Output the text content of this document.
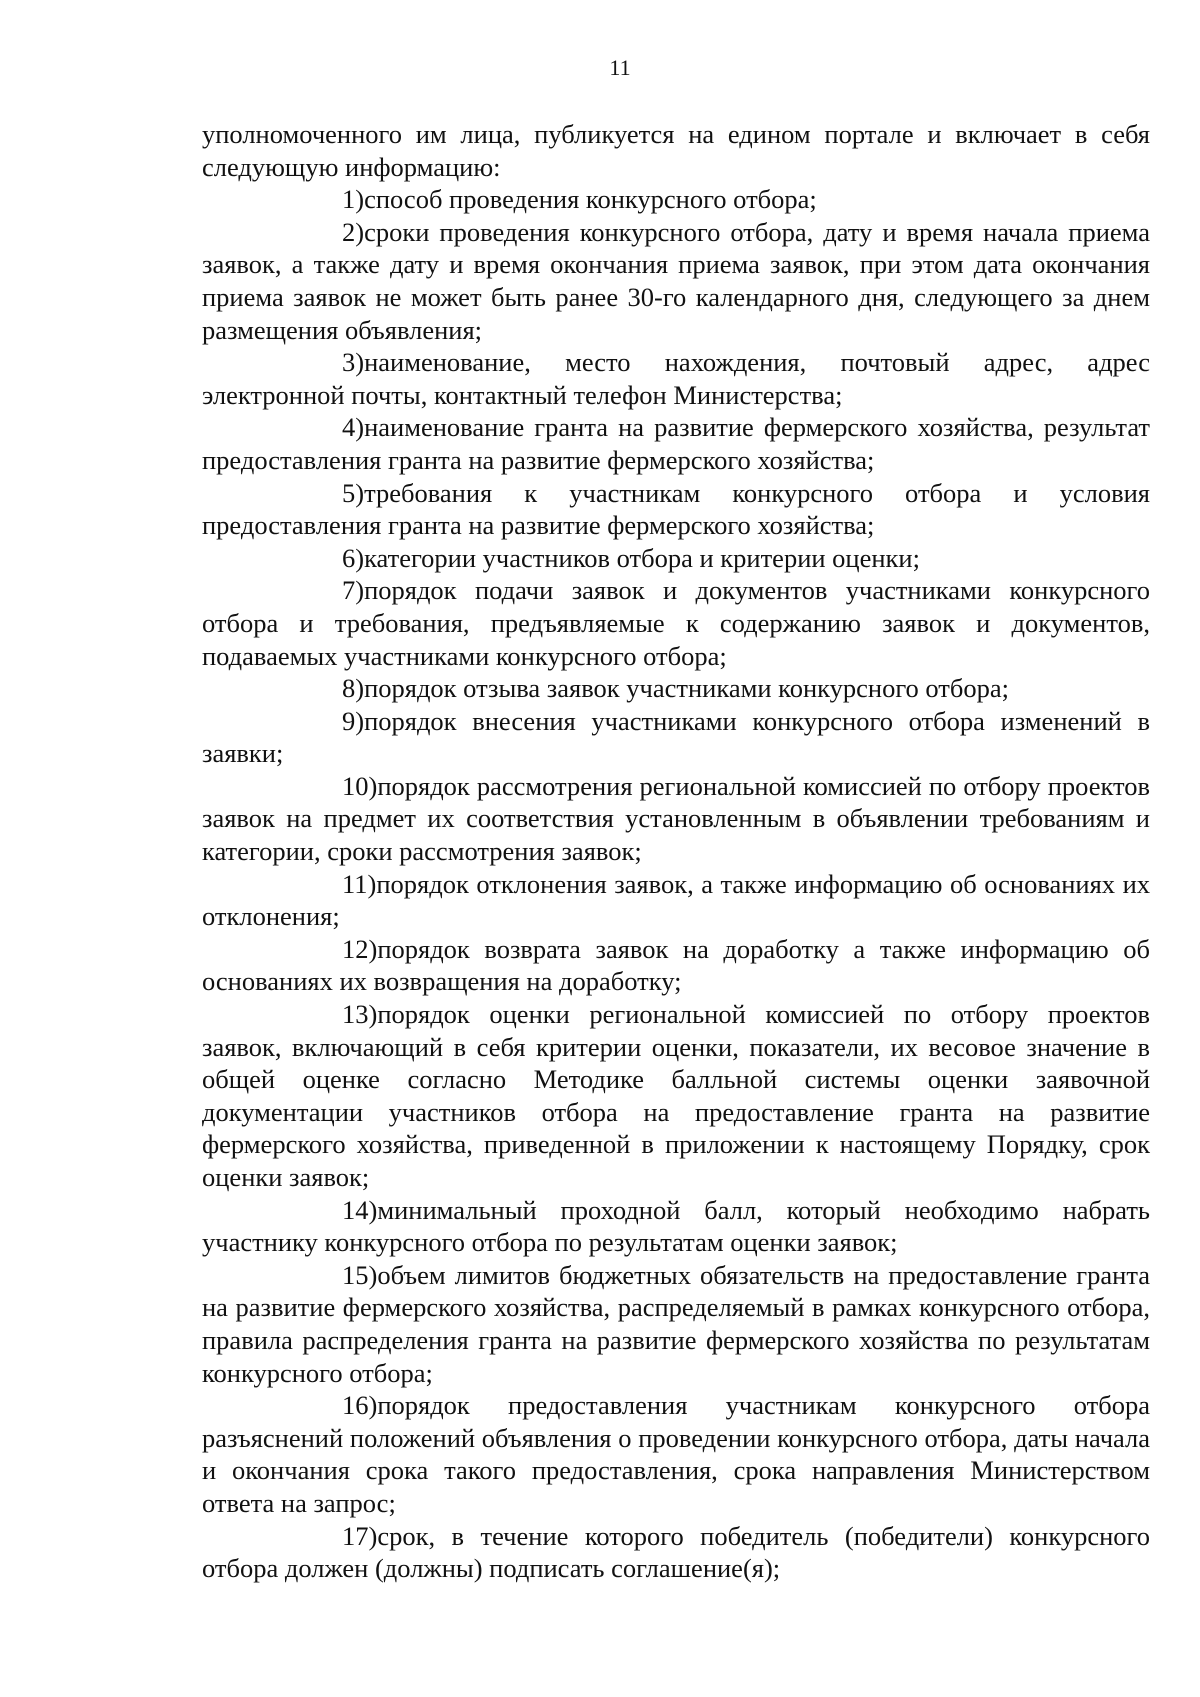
11

уполномоченного им лица, публикуется на едином портале и включает в себя следующую информацию:

1)способ проведения конкурсного отбора;

2)сроки проведения конкурсного отбора, дату и время начала приема заявок, а также дату и время окончания приема заявок, при этом дата окончания приема заявок не может быть ранее 30-го календарного дня, следующего за днем размещения объявления;

3)наименование, место нахождения, почтовый адрес, адрес электронной почты, контактный телефон Министерства;

4)наименование гранта на развитие фермерского хозяйства, результат предоставления гранта на развитие фермерского хозяйства;

5)требования к участникам конкурсного отбора и условия предоставления гранта на развитие фермерского хозяйства;

6)категории участников отбора и критерии оценки;

7)порядок подачи заявок и документов участниками конкурсного отбора и требования, предъявляемые к содержанию заявок и документов, подаваемых участниками конкурсного отбора;

8)порядок отзыва заявок участниками конкурсного отбора;

9)порядок внесения участниками конкурсного отбора изменений в заявки;

10)порядок рассмотрения региональной комиссией по отбору проектов заявок на предмет их соответствия установленным в объявлении требованиям и категории, сроки рассмотрения заявок;

11)порядок отклонения заявок, а также информацию об основаниях их отклонения;

12)порядок возврата заявок на доработку а также информацию об основаниях их возвращения на доработку;

13)порядок оценки региональной комиссией по отбору проектов заявок, включающий в себя критерии оценки, показатели, их весовое значение в общей оценке согласно Методике балльной системы оценки заявочной документации участников отбора на предоставление гранта на развитие фермерского хозяйства, приведенной в приложении к настоящему Порядку, срок оценки заявок;

14)минимальный проходной балл, который необходимо набрать участнику конкурсного отбора по результатам оценки заявок;

15)объем лимитов бюджетных обязательств на предоставление гранта на развитие фермерского хозяйства, распределяемый в рамках конкурсного отбора, правила распределения гранта на развитие фермерского хозяйства по результатам конкурсного отбора;

16)порядок предоставления участникам конкурсного отбора разъяснений положений объявления о проведении конкурсного отбора, даты начала и окончания срока такого предоставления, срока направления Министерством ответа на запрос;

17)срок, в течение которого победитель (победители) конкурсного отбора должен (должны) подписать соглашение(я);
